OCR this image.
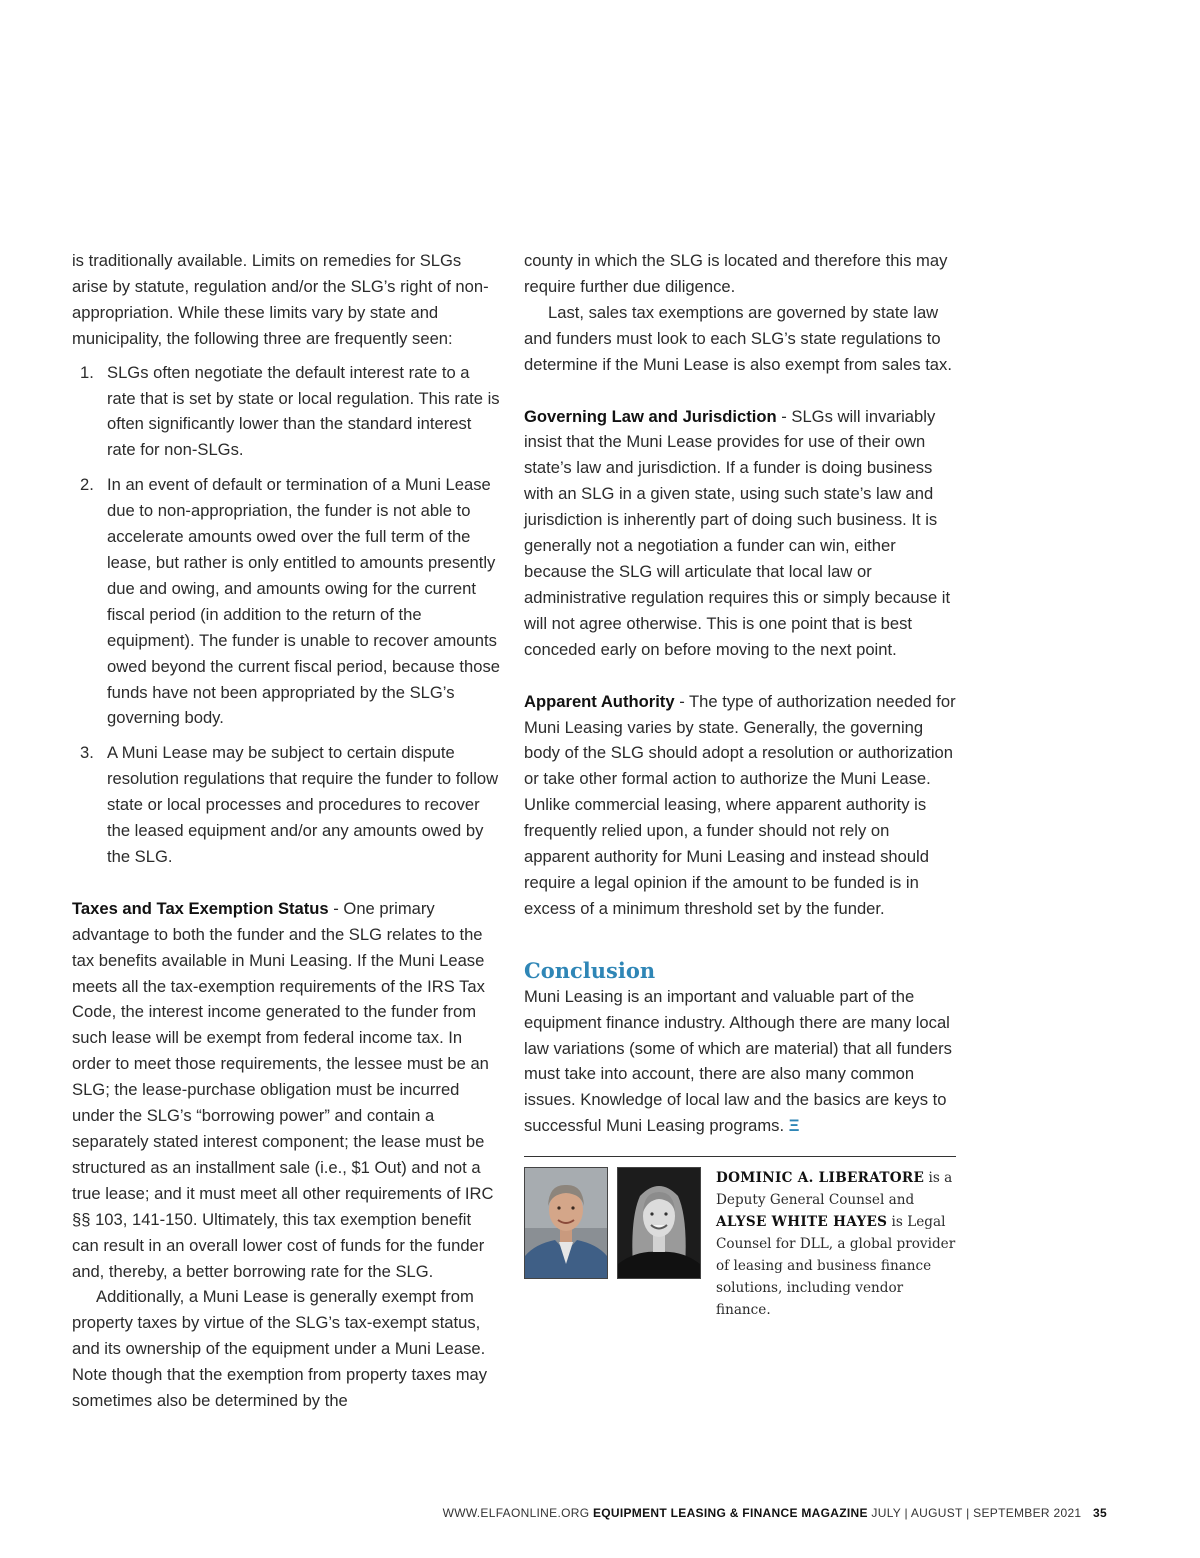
is traditionally available. Limits on remedies for SLGs arise by statute, regulation and/or the SLG’s right of non-appropriation. While these limits vary by state and municipality, the following three are frequently seen:

1. SLGs often negotiate the default interest rate to a rate that is set by state or local regulation. This rate is often significantly lower than the standard interest rate for non-SLGs.
2. In an event of default or termination of a Muni Lease due to non-appropriation, the funder is not able to accelerate amounts owed over the full term of the lease, but rather is only entitled to amounts presently due and owing, and amounts owing for the current fiscal period (in addition to the return of the equipment). The funder is unable to recover amounts owed beyond the current fiscal period, because those funds have not been appropriated by the SLG’s governing body.
3. A Muni Lease may be subject to certain dispute resolution regulations that require the funder to follow state or local processes and procedures to recover the leased equipment and/or any amounts owed by the SLG.

Taxes and Tax Exemption Status - One primary advantage to both the funder and the SLG relates to the tax benefits available in Muni Leasing. If the Muni Lease meets all the tax-exemption requirements of the IRS Tax Code, the interest income generated to the funder from such lease will be exempt from federal income tax. In order to meet those requirements, the lessee must be an SLG; the lease-purchase obligation must be incurred under the SLG’s “borrowing power” and contain a separately stated interest component; the lease must be structured as an installment sale (i.e., $1 Out) and not a true lease; and it must meet all other requirements of IRC §§ 103, 141-150. Ultimately, this tax exemption benefit can result in an overall lower cost of funds for the funder and, thereby, a better borrowing rate for the SLG.

Additionally, a Muni Lease is generally exempt from property taxes by virtue of the SLG’s tax-exempt status, and its ownership of the equipment under a Muni Lease. Note though that the exemption from property taxes may sometimes also be determined by the

county in which the SLG is located and therefore this may require further due diligence.

Last, sales tax exemptions are governed by state law and funders must look to each SLG’s state regulations to determine if the Muni Lease is also exempt from sales tax.

Governing Law and Jurisdiction - SLGs will invariably insist that the Muni Lease provides for use of their own state’s law and jurisdiction. If a funder is doing business with an SLG in a given state, using such state’s law and jurisdiction is inherently part of doing such business. It is generally not a negotiation a funder can win, either because the SLG will articulate that local law or administrative regulation requires this or simply because it will not agree otherwise. This is one point that is best conceded early on before moving to the next point.

Apparent Authority - The type of authorization needed for Muni Leasing varies by state. Generally, the governing body of the SLG should adopt a resolution or authorization or take other formal action to authorize the Muni Lease. Unlike commercial leasing, where apparent authority is frequently relied upon, a funder should not rely on apparent authority for Muni Leasing and instead should require a legal opinion if the amount to be funded is in excess of a minimum threshold set by the funder.

Conclusion

Muni Leasing is an important and valuable part of the equipment finance industry. Although there are many local law variations (some of which are material) that all funders must take into account, there are also many common issues. Knowledge of local law and the basics are keys to successful Muni Leasing programs. Ξ

DOMINIC A. LIBERATORE is a Deputy General Counsel and ALYSE WHITE HAYES is Legal Counsel for DLL, a global provider of leasing and business finance solutions, including vendor finance.
WWW.ELFAONLINE.ORG EQUIPMENT LEASING & FINANCE MAGAZINE JULY | AUGUST | SEPTEMBER 2021 35
